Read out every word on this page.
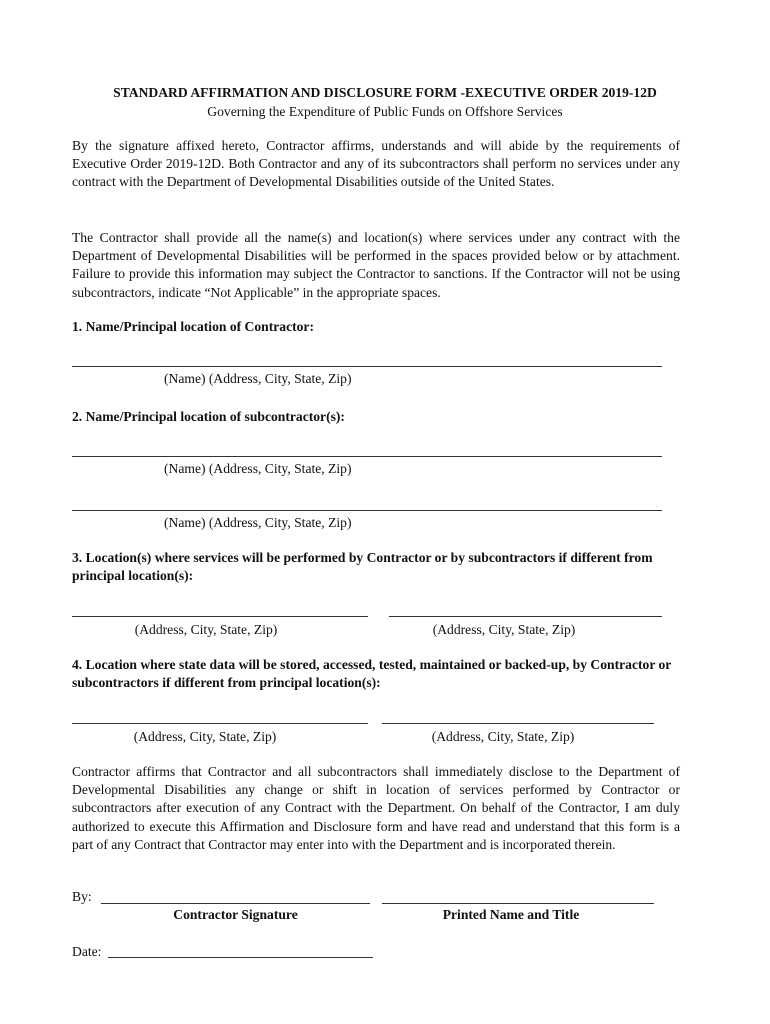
STANDARD AFFIRMATION AND DISCLOSURE FORM -EXECUTIVE ORDER 2019-12D
Governing the Expenditure of Public Funds on Offshore Services
By the signature affixed hereto, Contractor affirms, understands and will abide by the requirements of Executive Order 2019-12D. Both Contractor and any of its subcontractors shall perform no services under any contract with the Department of Developmental Disabilities outside of the United States.
The Contractor shall provide all the name(s) and location(s) where services under any contract with the Department of Developmental Disabilities will be performed in the spaces provided below or by attachment. Failure to provide this information may subject the Contractor to sanctions. If the Contractor will not be using subcontractors, indicate “Not Applicable” in the appropriate spaces.
1. Name/Principal location of Contractor:
(Name) (Address, City, State, Zip)
2. Name/Principal location of subcontractor(s):
(Name) (Address, City, State, Zip)
(Name) (Address, City, State, Zip)
3. Location(s) where services will be performed by Contractor or by subcontractors if different from principal location(s):
(Address, City, State, Zip)	(Address, City, State, Zip)
4. Location where state data will be stored, accessed, tested, maintained or backed-up, by Contractor or subcontractors if different from principal location(s):
(Address, City, State, Zip)	(Address, City, State, Zip)
Contractor affirms that Contractor and all subcontractors shall immediately disclose to the Department of Developmental Disabilities any change or shift in location of services performed by Contractor or subcontractors after execution of any Contract with the Department. On behalf of the Contractor, I am duly authorized to execute this Affirmation and Disclosure form and have read and understand that this form is a part of any Contract that Contractor may enter into with the Department and is incorporated therein.
By:
Contractor Signature	Printed Name and Title
Date:
